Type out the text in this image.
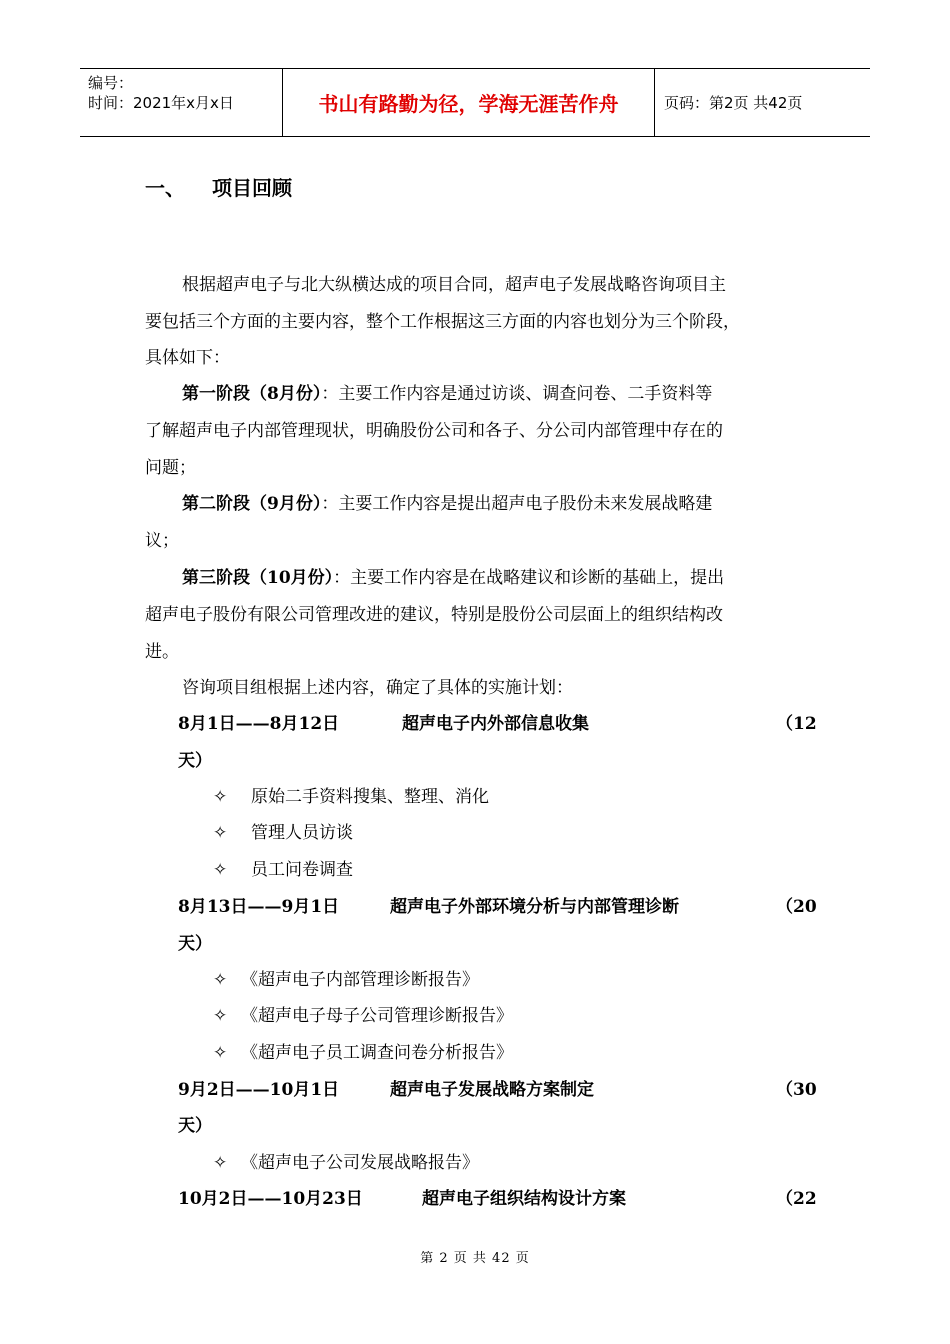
编号：
时间：2021年x月x日	书山有路勤为径，学海无涯苦作舟	页码：第2页 共42页
一、 项目回顾
根据超声电子与北大纵横达成的项目合同，超声电子发展战略咨询项目主
要包括三个方面的主要内容，整个工作根据这三方面的内容也划分为三个阶段，
具体如下：
第一阶段（8月份）：主要工作内容是通过访谈、调查问卷、二手资料等
了解超声电子内部管理现状，明确股份公司和各子、分公司内部管理中存在的
问题；
第二阶段（9月份）：主要工作内容是提出超声电子股份未来发展战略建
议；
第三阶段（10月份）：主要工作内容是在战略建议和诊断的基础上，提出
超声电子股份有限公司管理改进的建议，特别是股份公司层面上的组织结构改
进。
咨询项目组根据上述内容，确定了具体的实施计划：
8月1日——8月12日	超声电子内外部信息收集	（12
天）
✧ 原始二手资料搜集、整理、消化
✧ 管理人员访谈
✧ 员工问卷调查
8月13日——9月1日	超声电子外部环境分析与内部管理诊断	（20
天）
✧ 《超声电子内部管理诊断报告》
✧ 《超声电子母子公司管理诊断报告》
✧ 《超声电子员工调查问卷分析报告》
9月2日——10月1日	超声电子发展战略方案制定	（30
天）
✧ 《超声电子公司发展战略报告》
10月2日——10月23日	超声电子组织结构设计方案	（22
第 2 页 共 42 页
